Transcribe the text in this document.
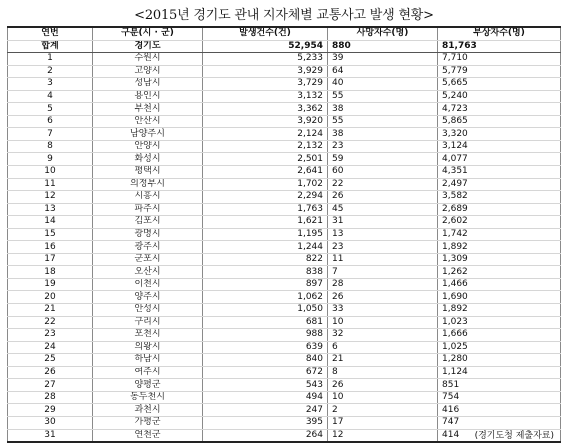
<2015년 경기도 관내 지자체별 교통사고 발생 현황>
연번	구분(시 · 군)	발생건수(건)	사망자수(명)	부상자수(명)
합계	경기도	52,954	880	81,763
1	수원시	5,233	39	7,710
2	고양시	3,929	64	5,779
3	성남시	3,729	40	5,665
4	용인시	3,132	55	5,240
5	부천시	3,362	38	4,723
6	안산시	3,920	55	5,865
7	남양주시	2,124	38	3,320
8	안양시	2,132	23	3,124
9	화성시	2,501	59	4,077
10	평택시	2,641	60	4,351
11	의정부시	1,702	22	2,497
12	시흥시	2,294	26	3,582
13	파주시	1,763	45	2,689
14	김포시	1,621	31	2,602
15	광명시	1,195	13	1,742
16	광주시	1,244	23	1,892
17	군포시	822	11	1,309
18	오산시	838	7	1,262
19	이천시	897	28	1,466
20	양주시	1,062	26	1,690
21	안성시	1,050	33	1,892
22	구리시	681	10	1,023
23	포천시	988	32	1,666
24	의왕시	639	6	1,025
25	하남시	840	21	1,280
26	여주시	672	8	1,124
27	양평군	543	26	851
28	동두천시	494	10	754
29	과천시	247	2	416
30	가평군	395	17	747
31	연천군	264	12	414 (경기도청 제출자료)
